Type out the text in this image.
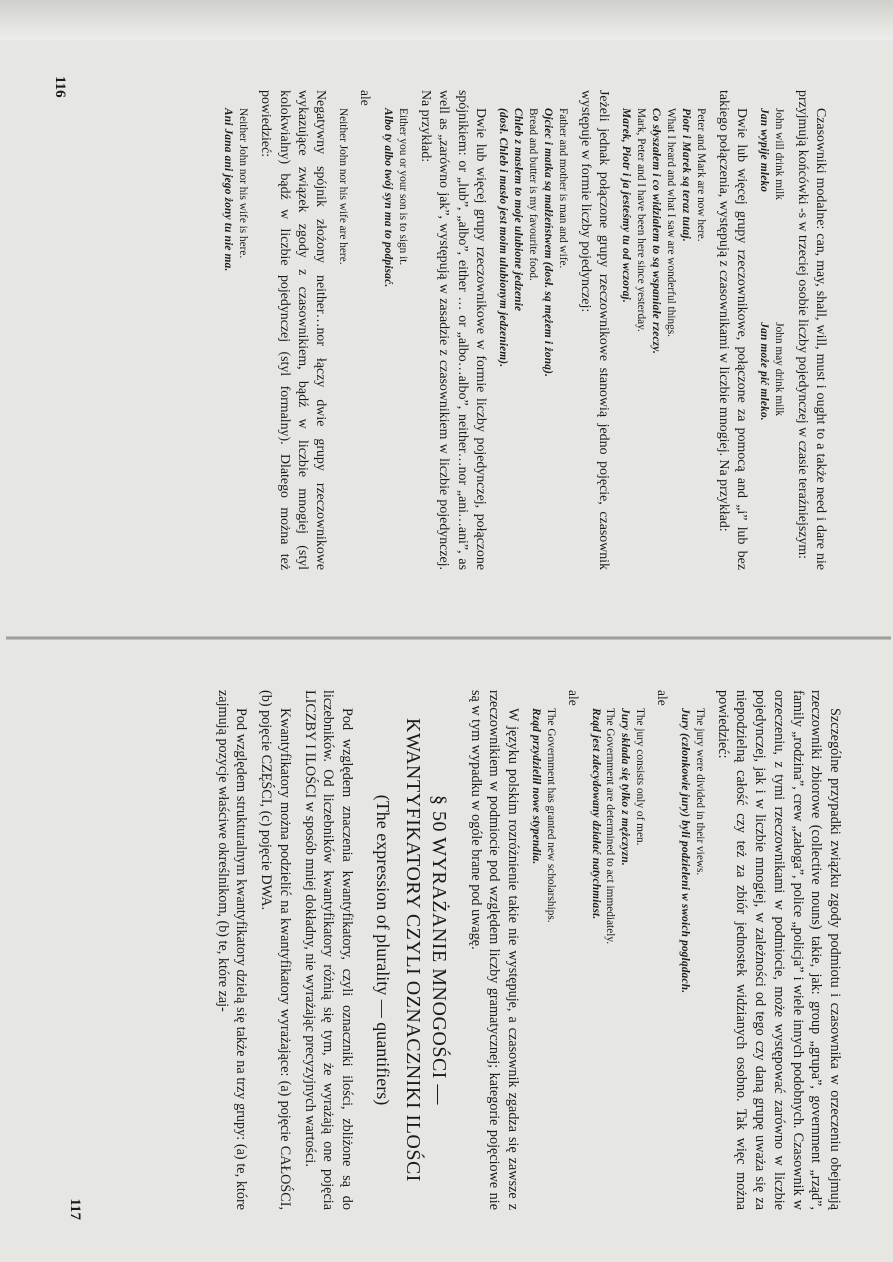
Czasowniki modalne: can, may, shall, will, must i ought to a także need i dare nie przyjmują końcówki -s w trzeciej osobie liczby pojedynczej w czasie teraźniejszym:

John will drink milk
Jan wypije mleko
John may drink milk
Jan może pić mleko.

Dwie lub więcej grupy rzeczownikowe, połączone za pomocą and „i” lub bez takiego połączenia, występują z czasownikami w liczbie mnogiej. Na przykład:

Peter and Mark are now here.
Piotr i Marek są teraz tutaj.
What I heard and what I saw are wonderful things.
Co słyszałem i co widziałem to są wspaniałe rzeczy.
Mark, Peter and I have been here since yesterday.
Marek, Piotr i ja jesteśmy tu od wczoraj.

Jeżeli jednak połączone grupy rzeczownikowe stanowią jedno pojęcie, czasownik występuje w formie liczby pojedynczej:

Father and mother is man and wife.
Ojciec i matka są małżeństwem (dosł. są mężem i żoną).
Bread and butter is my favourite food.
Chleb z masłem to moje ulubione jedzenie
(dosł. Chleb i masło jest moim ulubionym jedzeniem).

Dwie lub więcej grupy rzeczownikowe w formie liczby pojedynczej, połączone spójnikiem: or „lub”, „albo”, either … or „albo…albo”, neither…nor „ani…ani”, as well as „zarówno jak”, występują w zasadzie z czasownikiem w liczbie pojedynczej. Na przykład:

Either you or your son is to sign it.
Albo ty albo twój syn ma to podpisać.
ale
Neither John nor his wife are here.

Negatywny spójnik złożony neither…nor łączy dwie grupy rzeczownikowe wykazujące związek zgody z czasownikiem, bądź w liczbie mnogiej (styl kolokwialny) bądź w liczbie pojedynczej (styl formalny). Dlatego można też powiedzieć:

Neither John nor his wife is here.
Ani Jana ani jego żony tu nie ma.
116

Szczególne przypadki związku zgody podmiotu i czasownika w orzeczeniu obejmują rzeczowniki zbiorowe (collective nouns) takie, jak: group „grupa”, government „rząd”, family „rodzina”, crew „załoga”, police „policja” i wiele innych podobnych. Czasownik w orzeczeniu, z tymi rzeczownikami w podmiocie, może występować zarówno w liczbie pojedynczej, jak i w liczbie mnogiej, w zależności od tego czy daną grupę uważa się za niepodzielną całość czy też za zbiór jednostek widzianych osobno. Tak więc można powiedzieć:

The jury were divided in their views.
Jury (członkowie jury) byli podzieleni w swoich poglądach.
ale
The jury consists only of men.
Jury składa się tylko z mężczyzn.
The Government are determined to act immediately.
Rząd jest zdecydowany działać natychmiast.
ale
The Government has granted new scholarships.
Rząd przydzielił nowe stypendia.

W języku polskim rozróżnienie takie nie występuje, a czasownik zgadza się zawsze z rzeczownikiem w podmiocie pod względem liczby gramatycznej; kategorie pojęciowe nie są w tym wypadku w ogóle brane pod uwagę.

§ 50 WYRAŻANIE MNOGOŚCI —
KWANTYFIKATORY CZYLI OZNACZNIKI ILOŚCI
(The expression of plurality — quantifiers)

Pod względem znaczenia kwantyfikatory, czyli oznaczniki ilości, zbliżone są do liczebników. Od liczebników kwantyfikatory różnią się tym, że wyrażają one pojęcia LICZBY I ILOŚCI w sposób mniej dokładny, nie wyrażając precyzyjnych wartości.

Kwantyfikatory można podzielić na kwantyfikatory wyrażające: (a) pojęcie CAŁOŚCI, (b) pojęcie CZĘŚCI, (c) pojęcie DWA.

Pod względem strukturalnym kwantyfikatory dzielą się także na trzy grupy: (a) te, które zajmują pozycje właściwe określnikom, (b) te, które zaj-

117
